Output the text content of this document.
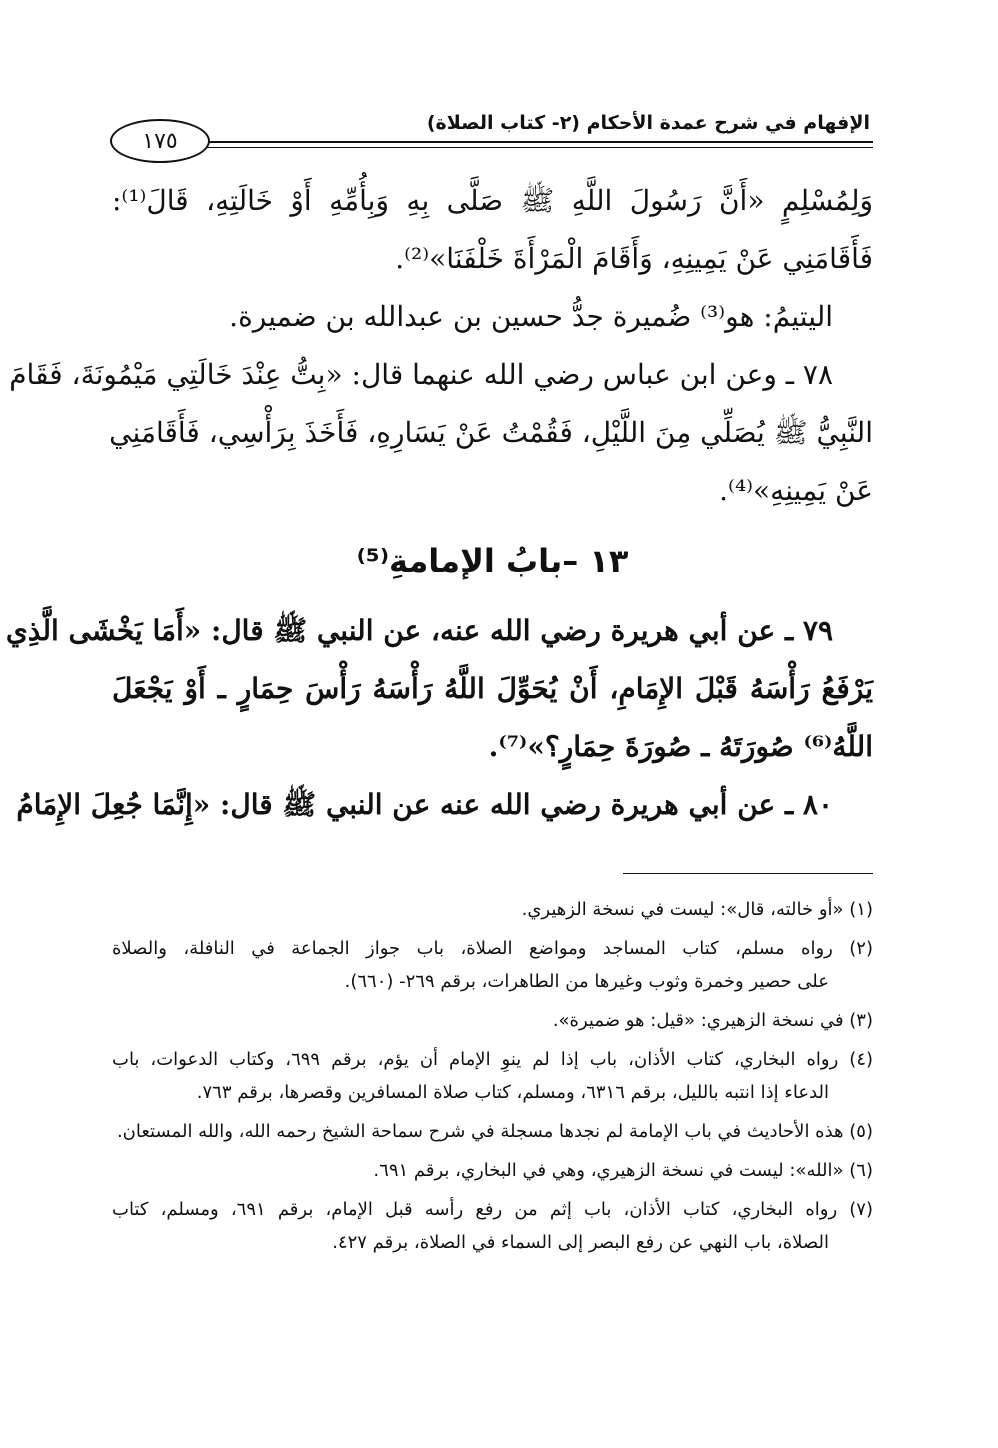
الإفهام في شرح عمدة الأحكام (٢- كتاب الصلاة)
١٧٥
وَلِمُسْلِمٍ «أَنَّ رَسُولَ اللَّهِ ﷺ صَلَّى بِهِ وَبِأُمِّهِ أَوْ خَالَتِهِ، قَالَ⁽¹⁾:
فَأَقَامَنِي عَنْ يَمِينِهِ، وَأَقَامَ الْمَرْأَةَ خَلْفَنَا»⁽²⁾.
اليتيمُ: هو⁽³⁾ ضُميرة جدُّ حسين بن عبدالله بن ضميرة.
٧٨ ـ وعن ابن عباس رضي الله عنهما قال: «بِتُّ عِنْدَ خَالَتِي مَيْمُونَةَ، فَقَامَ
النَّبِيُّ ﷺ يُصَلِّي مِنَ اللَّيْلِ، فَقُمْتُ عَنْ يَسَارِهِ، فَأَخَذَ بِرَأْسِي، فَأَقَامَنِي
عَنْ يَمِينِهِ»⁽⁴⁾.
١٣ –بابُ الإمامةِ⁽⁵⁾
٧٩ ـ عن أبي هريرة رضي الله عنه، عن النبي ﷺ قال: «أَمَا يَخْشَى الَّذِي
يَرْفَعُ رَأْسَهُ قَبْلَ الإِمَامِ، أَنْ يُحَوِّلَ اللَّهُ رَأْسَهُ رَأْسَ حِمَارٍ ـ أَوْ يَجْعَلَ
اللَّهُ⁽⁶⁾ صُورَتَهُ ـ صُورَةَ حِمَارٍ؟»⁽⁷⁾.
٨٠ ـ عن أبي هريرة رضي الله عنه عن النبي ﷺ قال: «إِنَّمَا جُعِلَ الإِمَامُ
(١) «أو خالته، قال»: ليست في نسخة الزهيري.
(٢) رواه مسلم، كتاب المساجد ومواضع الصلاة، باب جواز الجماعة في النافلة، والصلاة
على حصير وخمرة وثوب وغيرها من الطاهرات، برقم ٢٦٩- (٦٦٠).
(٣) في نسخة الزهيري: «قيل: هو ضميرة».
(٤) رواه البخاري، كتاب الأذان، باب إذا لم ينوِ الإمام أن يؤم، برقم ٦٩٩، وكتاب الدعوات، باب
الدعاء إذا انتبه بالليل، برقم ٦٣١٦، ومسلم، كتاب صلاة المسافرين وقصرها، برقم ٧٦٣.
(٥) هذه الأحاديث في باب الإمامة لم نجدها مسجلة في شرح سماحة الشيخ رحمه الله، والله المستعان.
(٦) «الله»: ليست في نسخة الزهيري، وهي في البخاري، برقم ٦٩١.
(٧) رواه البخاري، كتاب الأذان، باب إثم من رفع رأسه قبل الإمام، برقم ٦٩١، ومسلم، كتاب
الصلاة، باب النهي عن رفع البصر إلى السماء في الصلاة، برقم ٤٢٧.
